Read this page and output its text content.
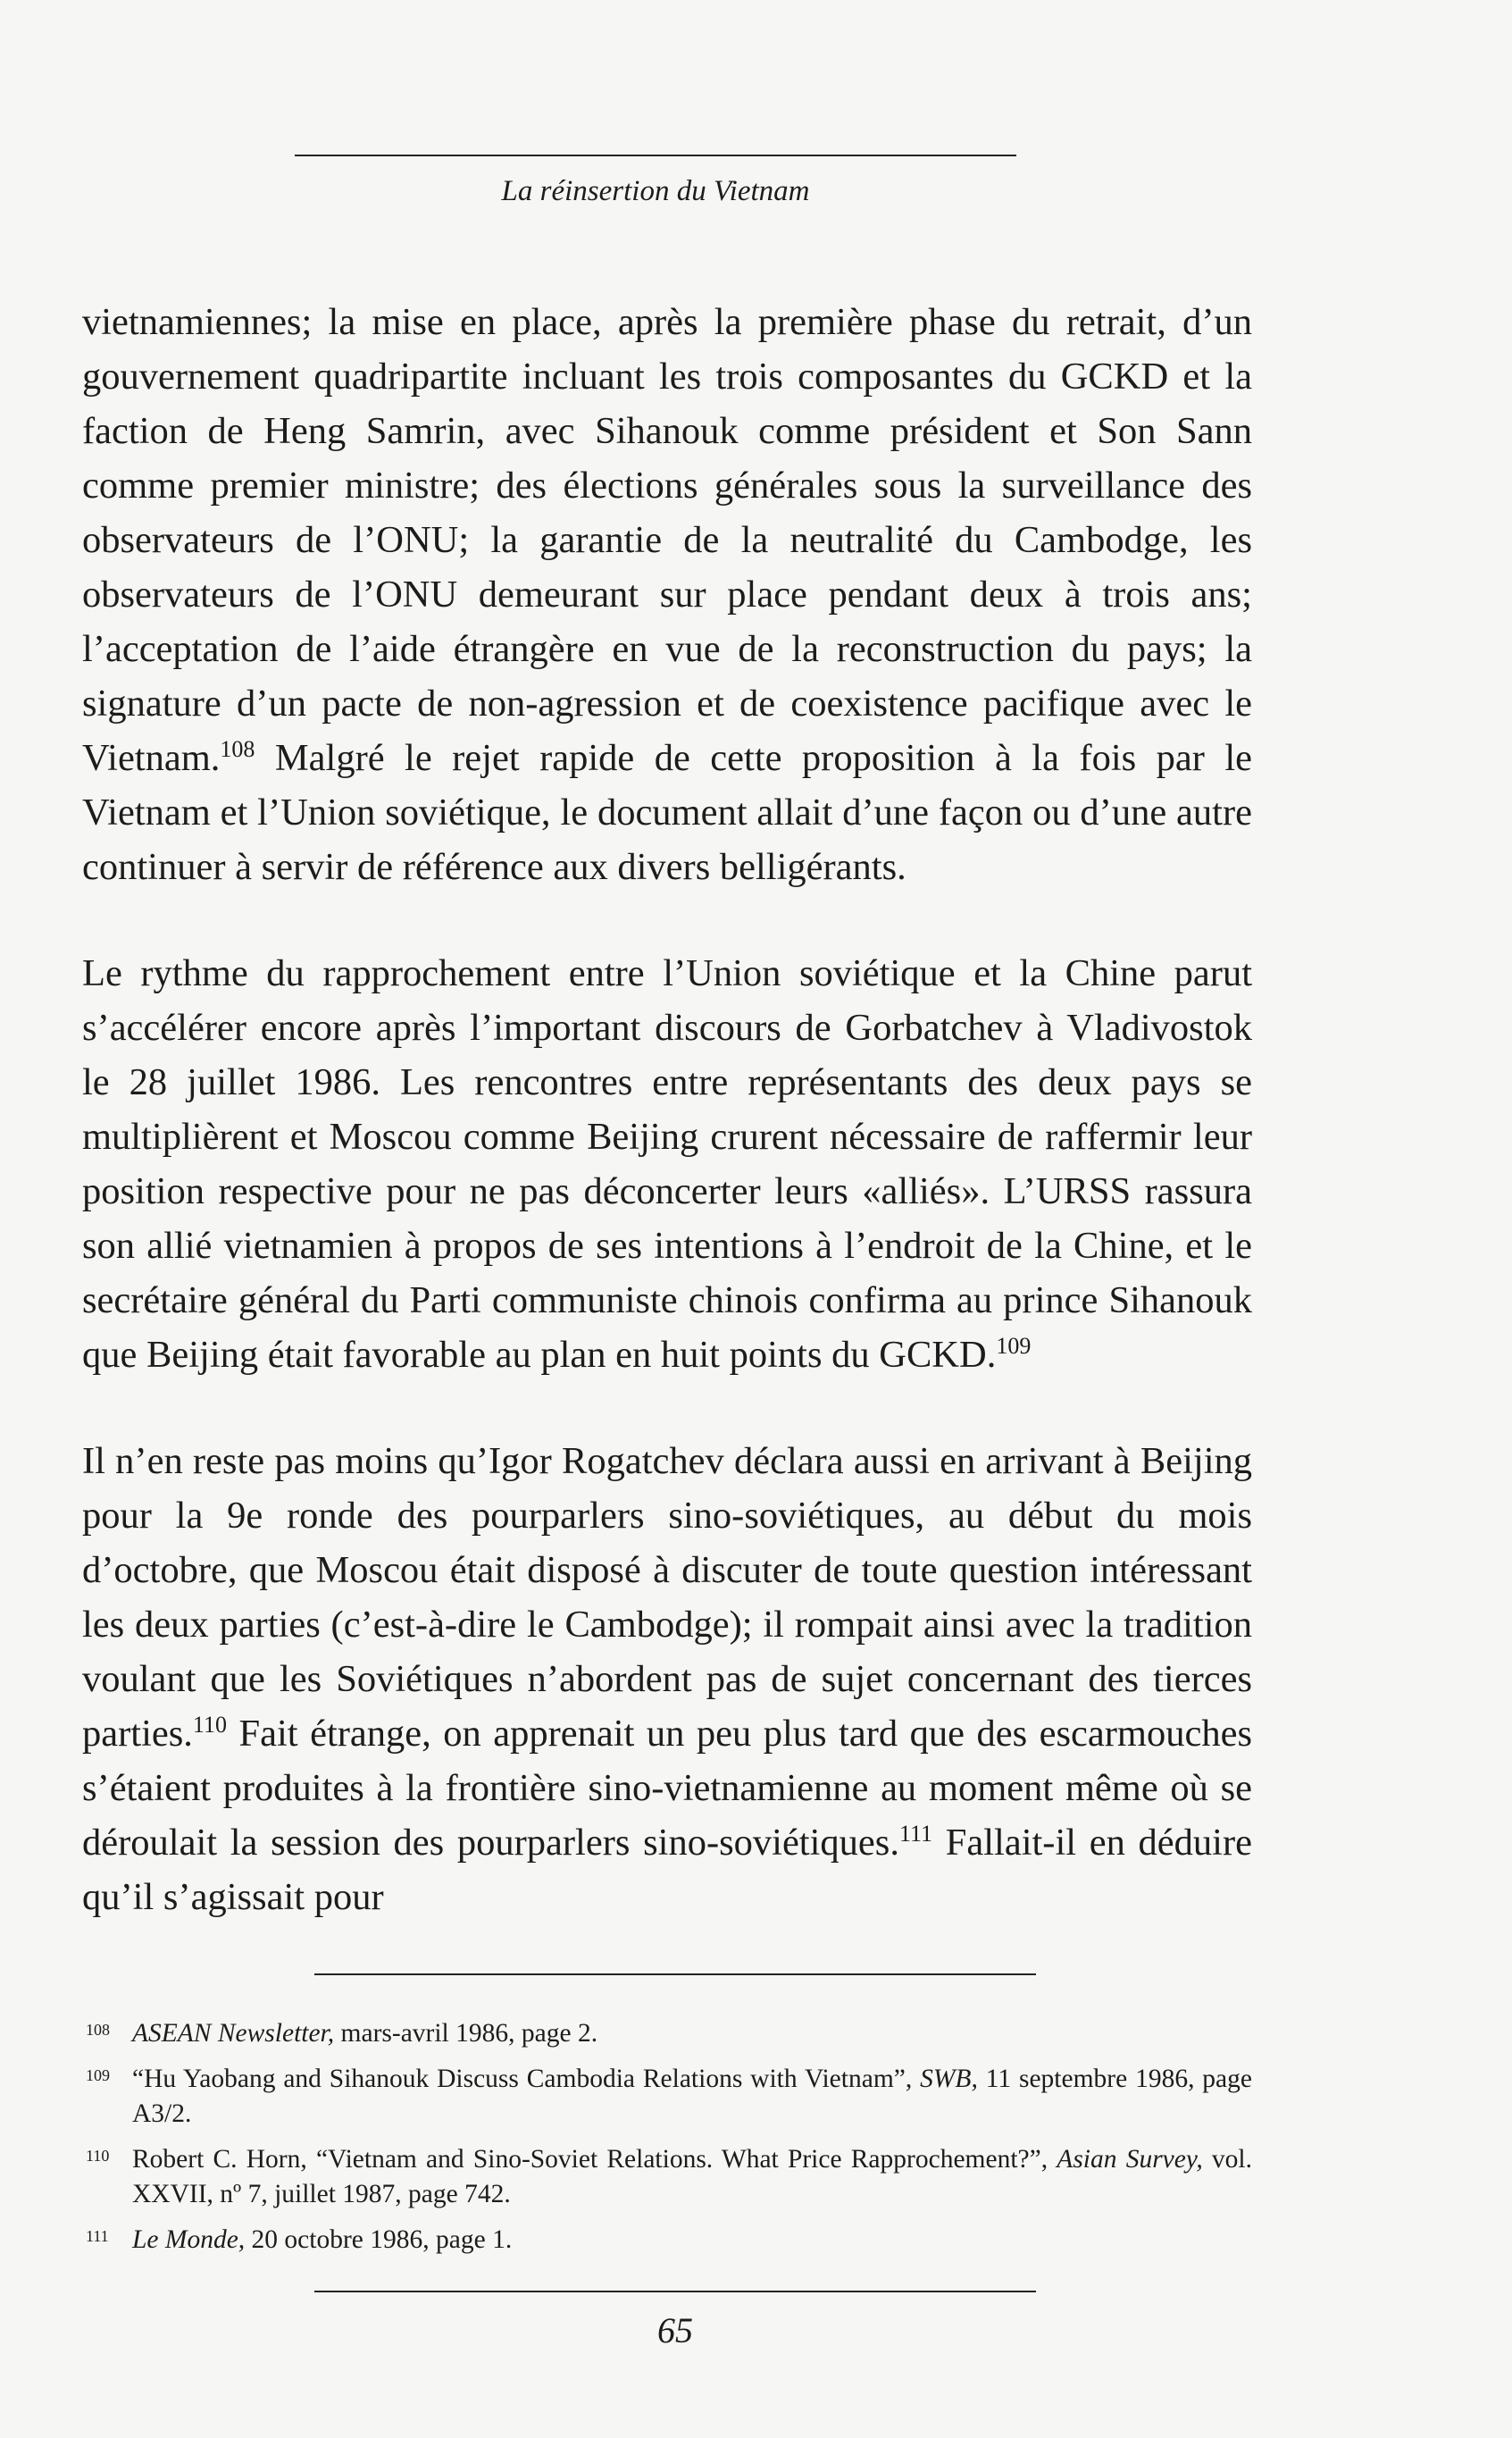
La réinsertion du Vietnam

vietnamiennes; la mise en place, après la première phase du retrait, d’un gouvernement quadripartite incluant les trois composantes du GCKD et la faction de Heng Samrin, avec Sihanouk comme président et Son Sann comme premier ministre; des élections générales sous la surveillance des observateurs de l’ONU; la garantie de la neutralité du Cambodge, les observateurs de l’ONU demeurant sur place pendant deux à trois ans; l’acceptation de l’aide étrangère en vue de la reconstruction du pays; la signature d’un pacte de non-agression et de coexistence pacifique avec le Vietnam.$^{108}$ Malgré le rejet rapide de cette proposition à la fois par le Vietnam et l’Union soviétique, le document allait d’une façon ou d’une autre continuer à servir de référence aux divers belligérants.

Le rythme du rapprochement entre l’Union soviétique et la Chine parut s’accélérer encore après l’important discours de Gorbatchev à Vladivostok le 28 juillet 1986. Les rencontres entre représentants des deux pays se multiplièrent et Moscou comme Beijing crurent nécessaire de raffermir leur position respective pour ne pas déconcerter leurs «alliés». L’URSS rassura son allié vietnamien à propos de ses intentions à l’endroit de la Chine, et le secrétaire général du Parti communiste chinois confirma au prince Sihanouk que Beijing était favorable au plan en huit points du GCKD.$^{109}$

Il n’en reste pas moins qu’Igor Rogatchev déclara aussi en arrivant à Beijing pour la 9e ronde des pourparlers sino-soviétiques, au début du mois d’octobre, que Moscou était disposé à discuter de toute question intéressant les deux parties (c’est-à-dire le Cambodge); il rompait ainsi avec la tradition voulant que les Soviétiques n’abordent pas de sujet concernant des tierces parties.$^{110}$ Fait étrange, on apprenait un peu plus tard que des escarmouches s’étaient produites à la frontière sino-vietnamienne au moment même où se déroulait la session des pourparlers sino-soviétiques.$^{111}$ Fallait-il en déduire qu’il s’agissait pour

108 ASEAN Newsletter, mars-avril 1986, page 2.
109 “Hu Yaobang and Sihanouk Discuss Cambodia Relations with Vietnam”, SWB, 11 septembre 1986, page A3/2.
110 Robert C. Horn, “Vietnam and Sino-Soviet Relations. What Price Rapprochement?”, Asian Survey, vol. XXVII, nº 7, juillet 1987, page 742.
111 Le Monde, 20 octobre 1986, page 1.
65
